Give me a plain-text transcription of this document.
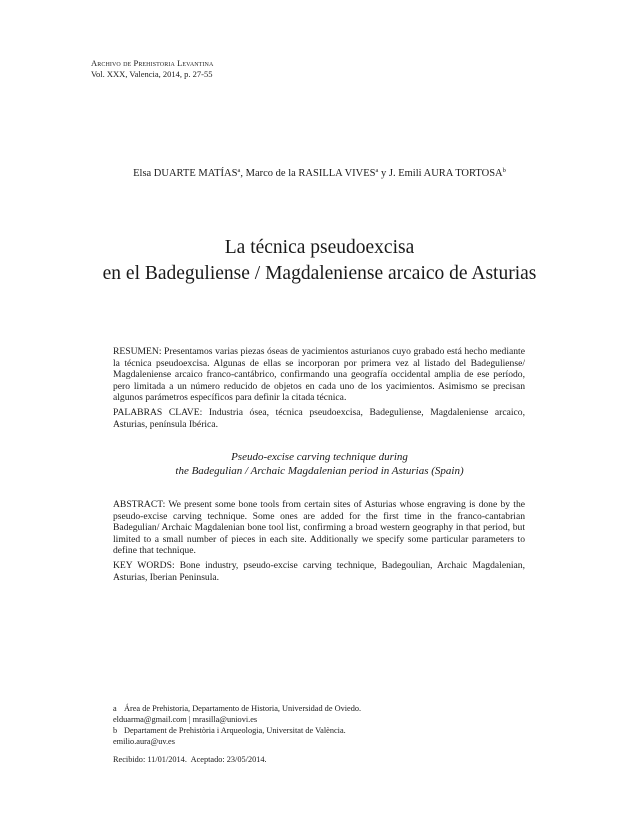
Archivo de Prehistoria Levantina
Vol. XXX, Valencia, 2014, p. 27-55
Elsa DUARTE MATÍAS$^a$, Marco de la RASILLA VIVES$^a$ y J. Emili AURA TORTOSA$^b$
La técnica pseudoexcisa
en el Badeguliense / Magdaleniense arcaico de Asturias

RESUMEN: Presentamos varias piezas óseas de yacimientos asturianos cuyo grabado está hecho mediante la técnica pseudoexcisa. Algunas de ellas se incorporan por primera vez al listado del Badeguliense/ Magdaleniense arcaico franco-cantábrico, confirmando una geografía occidental amplia de ese período, pero limitada a un número reducido de objetos en cada uno de los yacimientos. Asimismo se precisan algunos parámetros específicos para definir la citada técnica.

PALABRAS CLAVE: Industria ósea, técnica pseudoexcisa, Badeguliense, Magdaleniense arcaico, Asturias, península Ibérica.

Pseudo-excise carving technique during
the Badegulian / Archaic Magdalenian period in Asturias (Spain)

ABSTRACT: We present some bone tools from certain sites of Asturias whose engraving is done by the pseudo-excise carving technique. Some ones are added for the first time in the franco-cantabrian Badegulian/ Archaic Magdalenian bone tool list, confirming a broad western geography in that period, but limited to a small number of pieces in each site. Additionally we specify some particular parameters to define that technique.

KEY WORDS: Bone industry, pseudo-excise carving technique, Badegoulian, Archaic Magdalenian, Asturias, Iberian Peninsula.

a Área de Prehistoria, Departamento de Historia, Universidad de Oviedo.
elduarma@gmail.com | mrasilla@uniovi.es
b Departament de Prehistòria i Arqueologia, Universitat de València.
emilio.aura@uv.es
Recibido: 11/01/2014.  Aceptado: 23/05/2014.
